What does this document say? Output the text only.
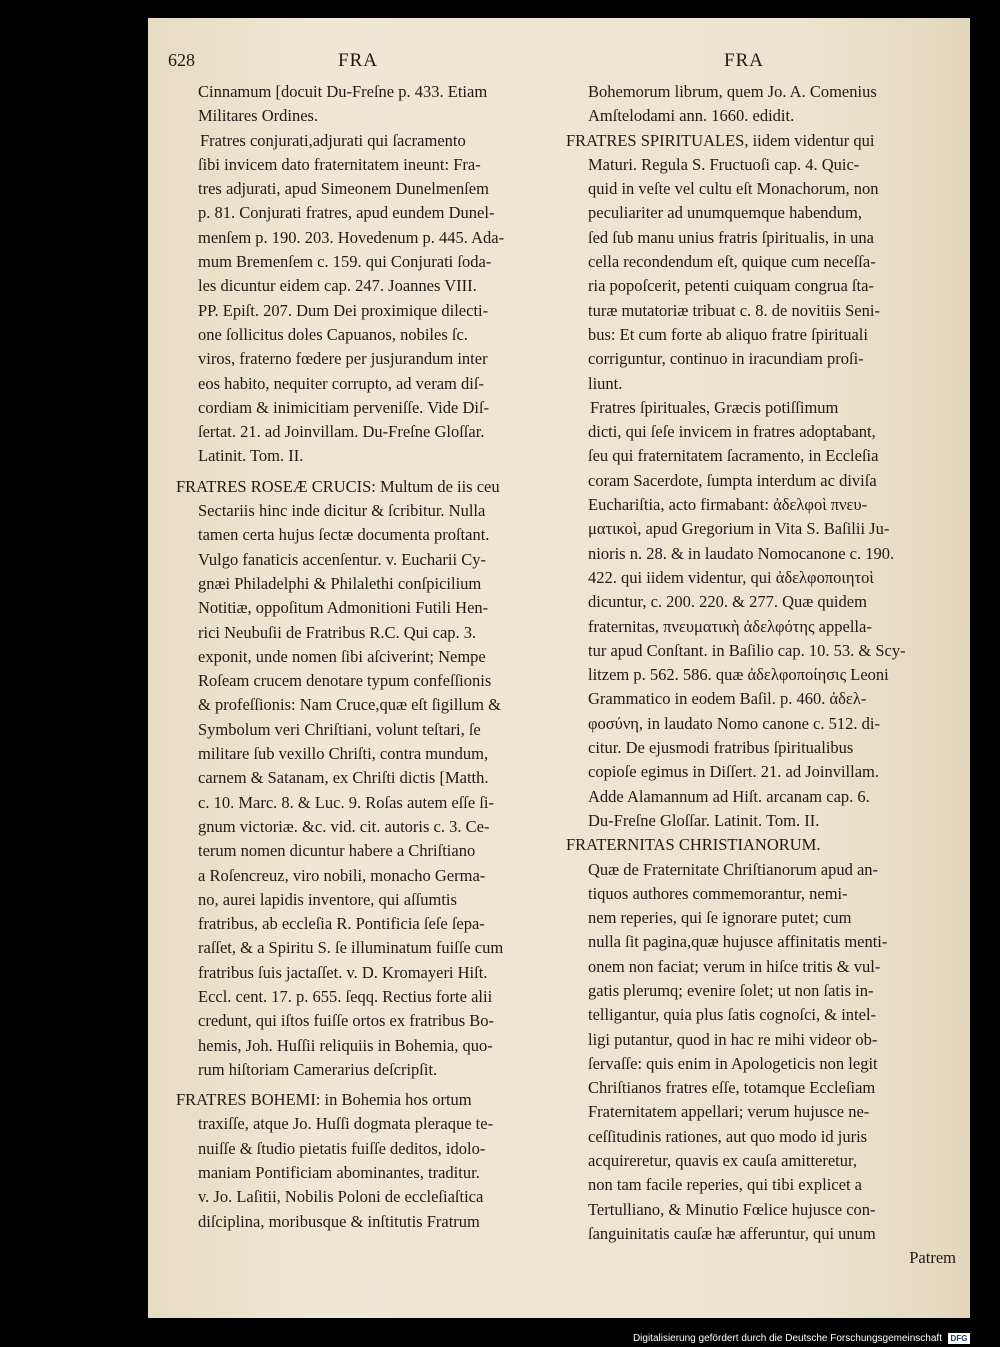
628	FRA	FRA
Cinnamum [docuit Du-Freſne p. 433. Etiam
Militares Ordines.
Fratres conjurati,adjurati qui ſacramento
ſibi invicem dato fraternitatem ineunt: Fra-
tres adjurati, apud Simeonem Dunelmenſem
p. 81. Conjurati fratres, apud eundem Dunel-
menſem p. 190. 203. Hovedenum p. 445. Ada-
mum Bremenſem c. 159. qui Conjurati ſoda-
les dicuntur eidem cap. 247. Joannes VIII.
PP. Epiſt. 207. Dum Dei proximique dilecti-
one ſollicitus doles Capuanos, nobiles ſc.
viros, fraterno fœdere per jusjurandum inter
eos habito, nequiter corrupto, ad veram diſ-
cordiam & inimicitiam perveniſſe. Vide Diſ-
ſertat. 21. ad Joinvillam. Du-Freſne Gloſſar.
Latinit. Tom. II.
FRATRES ROSEÆ CRUCIS: Multum de iis ceu
Sectariis hinc inde dicitur & ſcribitur. Nulla
tamen certa hujus ſectæ documenta proſtant.
Vulgo fanaticis accenſentur. v. Eucharii Cy-
gnæi Philadelphi & Philalethi conſpicilium
Notitiæ, oppoſitum Admonitioni Futili Hen-
rici Neubuſii de Fratribus R.C. Qui cap. 3.
exponit, unde nomen ſibi aſciverint; Nempe
Roſeam crucem denotare typum confeſſionis
& profeſſionis: Nam Cruce,quæ eſt ſigillum &
Symbolum veri Chriſtiani, volunt teſtari, ſe
militare ſub vexillo Chriſti, contra mundum,
carnem & Satanam, ex Chriſti dictis [Matth.
c. 10. Marc. 8. & Luc. 9. Roſas autem eſſe ſi-
gnum victoriæ. &c. vid. cit. autoris c. 3. Ce-
terum nomen dicuntur habere a Chriſtiano
a Roſencreuz, viro nobili, monacho Germa-
no, aurei lapidis inventore, qui aſſumtis
fratribus, ab eccleſia R. Pontificia ſeſe ſepa-
raſſet, & a Spiritu S. ſe illuminatum fuiſſe cum
fratribus ſuis jactaſſet. v. D. Kromayeri Hiſt.
Eccl. cent. 17. p. 655. ſeqq. Rectius forte alii
credunt, qui iſtos fuiſſe ortos ex fratribus Bo-
hemis, Joh. Huſſii reliquiis in Bohemia, quo-
rum hiſtoriam Camerarius deſcripſit.
FRATRES BOHEMI: in Bohemia hos ortum
traxiſſe, atque Jo. Huſſi dogmata pleraque te-
nuiſſe & ſtudio pietatis fuiſſe deditos, idolo-
maniam Pontificiam abominantes, traditur.
v. Jo. Laſitii, Nobilis Poloni de eccleſiaſtica
diſciplina, moribusque & inſtitutis Fratrum
Bohemorum librum, quem Jo. A. Comenius
Amſtelodami ann. 1660. edidit.
FRATRES SPIRITUALES, iidem videntur qui
Maturi. Regula S. Fructuoſi cap. 4. Quic-
quid in veſte vel cultu eſt Monachorum, non
peculiariter ad unumquemque habendum,
ſed ſub manu unius fratris ſpiritualis, in una
cella recondendum eſt, quique cum neceſſa-
ria popoſcerit, petenti cuiquam congrua ſta-
turæ mutatoriæ tribuat c. 8. de novitiis Seni-
bus: Et cum forte ab aliquo fratre ſpirituali
corriguntur, continuo in iracundiam proſi-
liunt.
Fratres ſpirituales, Græcis potiſſimum
dicti, qui ſeſe invicem in fratres adoptabant,
ſeu qui fraternitatem ſacramento, in Eccleſia
coram Sacerdote, ſumpta interdum ac diviſa
Euchariſtia, acto firmabant: ἀδελφοὶ πνευ-
ματικοὶ, apud Gregorium in Vita S. Baſilii Ju-
nioris n. 28. & in laudato Nomocanone c. 190.
422. qui iidem videntur, qui ἀδελφοποιητοὶ
dicuntur, c. 200. 220. & 277. Quæ quidem
fraternitas, πνευματικὴ ἀδελφότης appella-
tur apud Conſtant. in Baſilio cap. 10. 53. & Scy-
litzem p. 562. 586. quæ ἀδελφοποίησις Leoni
Grammatico in eodem Baſil. p. 460. ἀδελ-
φοσύνη, in laudato Nomo canone c. 512. di-
citur. De ejusmodi fratribus ſpiritualibus
copioſe egimus in Diſſert. 21. ad Joinvillam.
Adde Alamannum ad Hiſt. arcanam cap. 6.
Du-Freſne Gloſſar. Latinit. Tom. II.
FRATERNITAS CHRISTIANORUM.
Quæ de Fraternitate Chriſtianorum apud an-
tiquos authores commemorantur, nemi-
nem reperies, qui ſe ignorare putet; cum
nulla ſit pagina,quæ hujusce affinitatis menti-
onem non faciat; verum in hiſce tritis & vul-
gatis plerumq; evenire ſolet; ut non ſatis in-
telligantur, quia plus ſatis cognoſci, & intel-
ligi putantur, quod in hac re mihi videor ob-
ſervaſſe: quis enim in Apologeticis non legit
Chriſtianos fratres eſſe, totamque Eccleſiam
Fraternitatem appellari; verum hujusce ne-
ceſſitudinis rationes, aut quo modo id juris
acquireretur, quavis ex cauſa amitteretur,
non tam facile reperies, qui tibi explicet a
Tertulliano, & Minutio Fœlice hujusce con-
ſanguinitatis cauſæ hæ afferuntur, qui unum
Patrem
Digitalisierung gefördert durch die Deutsche Forschungsgemeinschaft	DFG
